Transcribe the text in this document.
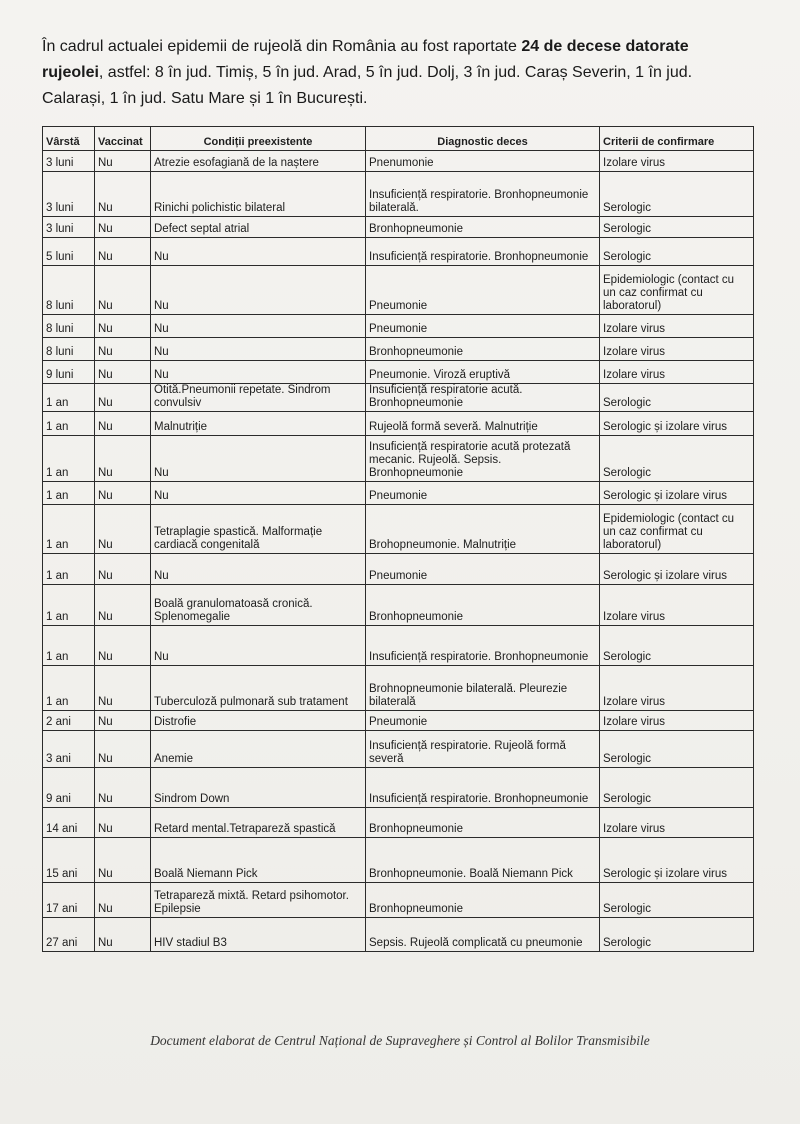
În cadrul actualei epidemii de rujeolă din România au fost raportate 24 de decese datorate rujeolei, astfel: 8 în jud. Timiș, 5 în jud. Arad, 5 în jud. Dolj, 3 în jud. Caraș Severin, 1 în jud. Calarași, 1 în jud. Satu Mare și 1 în București.

Vârstă	Vaccinat	Condiții preexistente	Diagnostic deces	Criterii de confirmare
3 luni	Nu	Atrezie esofagiană de la naștere	Pnenumonie	Izolare virus
3 luni	Nu	Rinichi polichistic bilateral	Insuficiență respiratorie. Bronhopneumonie bilaterală.	Serologic
3 luni	Nu	Defect septal atrial	Bronhopneumonie	Serologic
5 luni	Nu	Nu	Insuficiență respiratorie. Bronhopneumonie	Serologic
8 luni	Nu	Nu	Pneumonie	Epidemiologic (contact cu un caz confirmat cu laboratorul)
8 luni	Nu	Nu	Pneumonie	Izolare virus
8 luni	Nu	Nu	Bronhopneumonie	Izolare virus
9 luni	Nu	Nu	Pneumonie. Viroză eruptivă	Izolare virus
1 an	Nu	Otită.Pneumonii repetate. Sindrom convulsiv	Insuficiență respiratorie acută. Bronhopneumonie	Serologic
1 an	Nu	Malnutriție	Rujeolă formă severă. Malnutriție	Serologic și izolare virus
1 an	Nu	Nu	Insuficiență respiratorie acută protezată mecanic. Rujeolă. Sepsis. Bronhopneumonie	Serologic
1 an	Nu	Nu	Pneumonie	Serologic și izolare virus
1 an	Nu	Tetraplagie spastică. Malformație cardiacă congenitală	Brohopneumonie. Malnutriție	Epidemiologic (contact cu un caz confirmat cu laboratorul)
1 an	Nu	Nu	Pneumonie	Serologic și izolare virus
1 an	Nu	Boală granulomatoasă cronică. Splenomegalie	Bronhopneumonie	Izolare virus
1 an	Nu	Nu	Insuficiență respiratorie. Bronhopneumonie	Serologic
1 an	Nu	Tuberculoză pulmonară sub tratament	Brohnopneumonie bilaterală. Pleurezie bilaterală	Izolare virus
2 ani	Nu	Distrofie	Pneumonie	Izolare virus
3 ani	Nu	Anemie	Insuficiență respiratorie. Rujeolă formă severă	Serologic
9 ani	Nu	Sindrom Down	Insuficiență respiratorie. Bronhopneumonie	Serologic
14 ani	Nu	Retard mental.Tetrapareză spastică	Bronhopneumonie	Izolare virus
15 ani	Nu	Boală Niemann Pick	Bronhopneumonie. Boală Niemann Pick	Serologic și izolare virus
17 ani	Nu	Tetrapareză mixtă. Retard psihomotor. Epilepsie	Bronhopneumonie	Serologic
27 ani	Nu	HIV stadiul B3	Sepsis. Rujeolă complicată cu pneumonie	Serologic
Document elaborat de Centrul Național de Supraveghere și Control al Bolilor Transmisibile
